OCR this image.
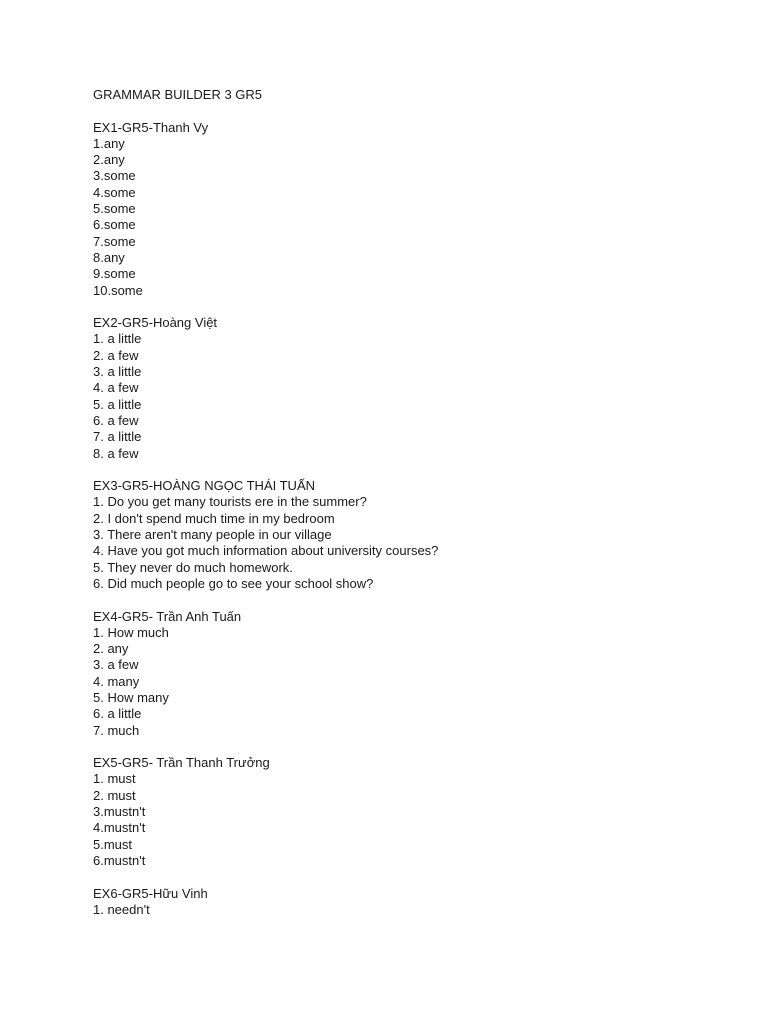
GRAMMAR BUILDER 3 GR5
EX1-GR5-Thanh Vy
1.any
2.any
3.some
4.some
5.some
6.some
7.some
8.any
9.some
10.some
EX2-GR5-Hoàng Việt
1. a little
2. a few
3. a little
4. a few
5. a little
6. a few
7. a little
8. a few
EX3-GR5-HOÀNG NGỌC THÁI TUẤN
1. Do you get many tourists ere in the summer?
2. I don't spend much time in my bedroom
3. There aren't many people in our village
4. Have you got much information about university courses?
5. They never do much homework.
6. Did much people go to see your school show?
EX4-GR5- Trần Anh Tuấn
1. How much
2. any
3. a few
4. many
5. How many
6. a little
7. much
EX5-GR5- Trần Thanh Trưởng
1. must
2. must
3.mustn't
4.mustn't
5.must
6.mustn't
EX6-GR5-Hữu Vinh
1. needn't
